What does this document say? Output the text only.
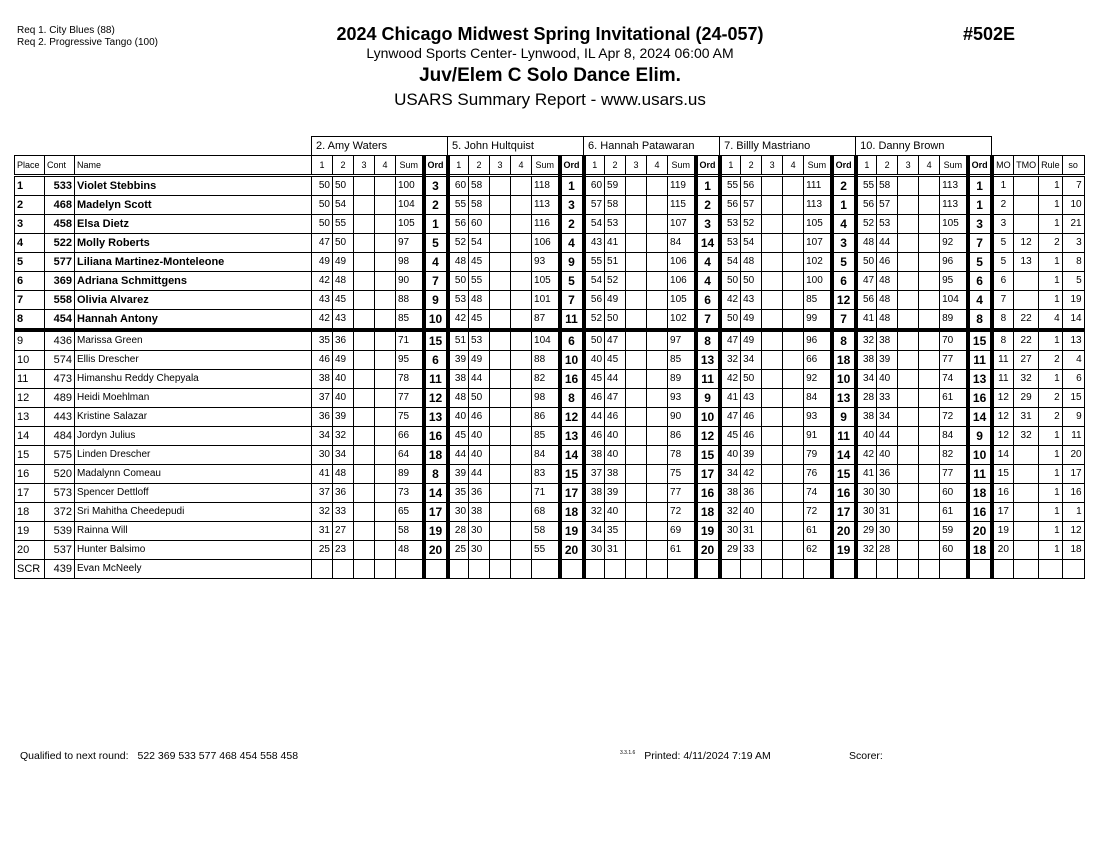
Req 1. City Blues (88)
Req 2. Progressive Tango (100)	2024 Chicago Midwest Spring Invitational (24-057)
Lynwood Sports Center- Lynwood, IL Apr 8, 2024 06:00 AM
Juv/Elem C Solo Dance Elim.
USARS Summary Report - www.usars.us
#502E
			2. Amy Waters						5. John Hultquist						6. Hannah Patawaran						7. Billly Mastriano						10. Danny Brown									
Place	Cont	Name	1	2	3	4	Sum	Ord	1	2	3	4	Sum	Ord	1	2	3	4	Sum	Ord	1	2	3	4	Sum	Ord	1	2	3	4	Sum	Ord	MO	TMO	Rule	so
1	533	Violet Stebbins	50	50			100	3	60	58			118	1	60	59			119	1	55	56			111	2	55	58			113	1	1		1	7
2	468	Madelyn Scott	50	54			104	2	55	58			113	3	57	58			115	2	56	57			113	1	56	57			113	1	2		1	10
3	458	Elsa Dietz	50	55			105	1	56	60			116	2	54	53			107	3	53	52			105	4	52	53			105	3	3		1	21
4	522	Molly Roberts	47	50			97	5	52	54			106	4	43	41			84	14	53	54			107	3	48	44			92	7	5	12	2	3
5	577	Liliana Martinez-Monteleone	49	49			98	4	48	45			93	9	55	51			106	4	54	48			102	5	50	46			96	5	5	13	1	8
6	369	Adriana Schmittgens	42	48			90	7	50	55			105	5	54	52			106	4	50	50			100	6	47	48			95	6	6		1	5
7	558	Olivia Alvarez	43	45			88	9	53	48			101	7	56	49			105	6	42	43			85	12	56	48			104	4	7		1	19
8	454	Hannah Antony	42	43			85	10	42	45			87	11	52	50			102	7	50	49			99	7	41	48			89	8	8	22	4	14
9	436	Marissa Green	35	36			71	15	51	53			104	6	50	47			97	8	47	49			96	8	32	38			70	15	8	22	1	13
10	574	Ellis Drescher	46	49			95	6	39	49			88	10	40	45			85	13	32	34			66	18	38	39			77	11	11	27	2	4
11	473	Himanshu Reddy Chepyala	38	40			78	11	38	44			82	16	45	44			89	11	42	50			92	10	34	40			74	13	11	32	1	6
12	489	Heidi Moehlman	37	40			77	12	48	50			98	8	46	47			93	9	41	43			84	13	28	33			61	16	12	29	2	15
13	443	Kristine Salazar	36	39			75	13	40	46			86	12	44	46			90	10	47	46			93	9	38	34			72	14	12	31	2	9
14	484	Jordyn Julius	34	32			66	16	45	40			85	13	46	40			86	12	45	46			91	11	40	44			84	9	12	32	1	11
15	575	Linden Drescher	30	34			64	18	44	40			84	14	38	40			78	15	40	39			79	14	42	40			82	10	14		1	20
16	520	Madalynn Comeau	41	48			89	8	39	44			83	15	37	38			75	17	34	42			76	15	41	36			77	11	15		1	17
17	573	Spencer Dettloff	37	36			73	14	35	36			71	17	38	39			77	16	38	36			74	16	30	30			60	18	16		1	16
18	372	Sri Mahitha Cheedepudi	32	33			65	17	30	38			68	18	32	40			72	18	32	40			72	17	30	31			61	16	17		1	1
19	539	Rainna Will	31	27			58	19	28	30			58	19	34	35			69	19	30	31			61	20	29	30			59	20	19		1	12
20	537	Hunter Balsimo	25	23			48	20	25	30			55	20	30	31			61	20	29	33			62	19	32	28			60	18	20		1	18
SCR	439	Evan McNeely																																		
Qualified to next round: 522 369 533 577 468 454 558 458	$^{3.3.1.6}$ Printed: 4/11/2024 7:19 AM	Scorer:
